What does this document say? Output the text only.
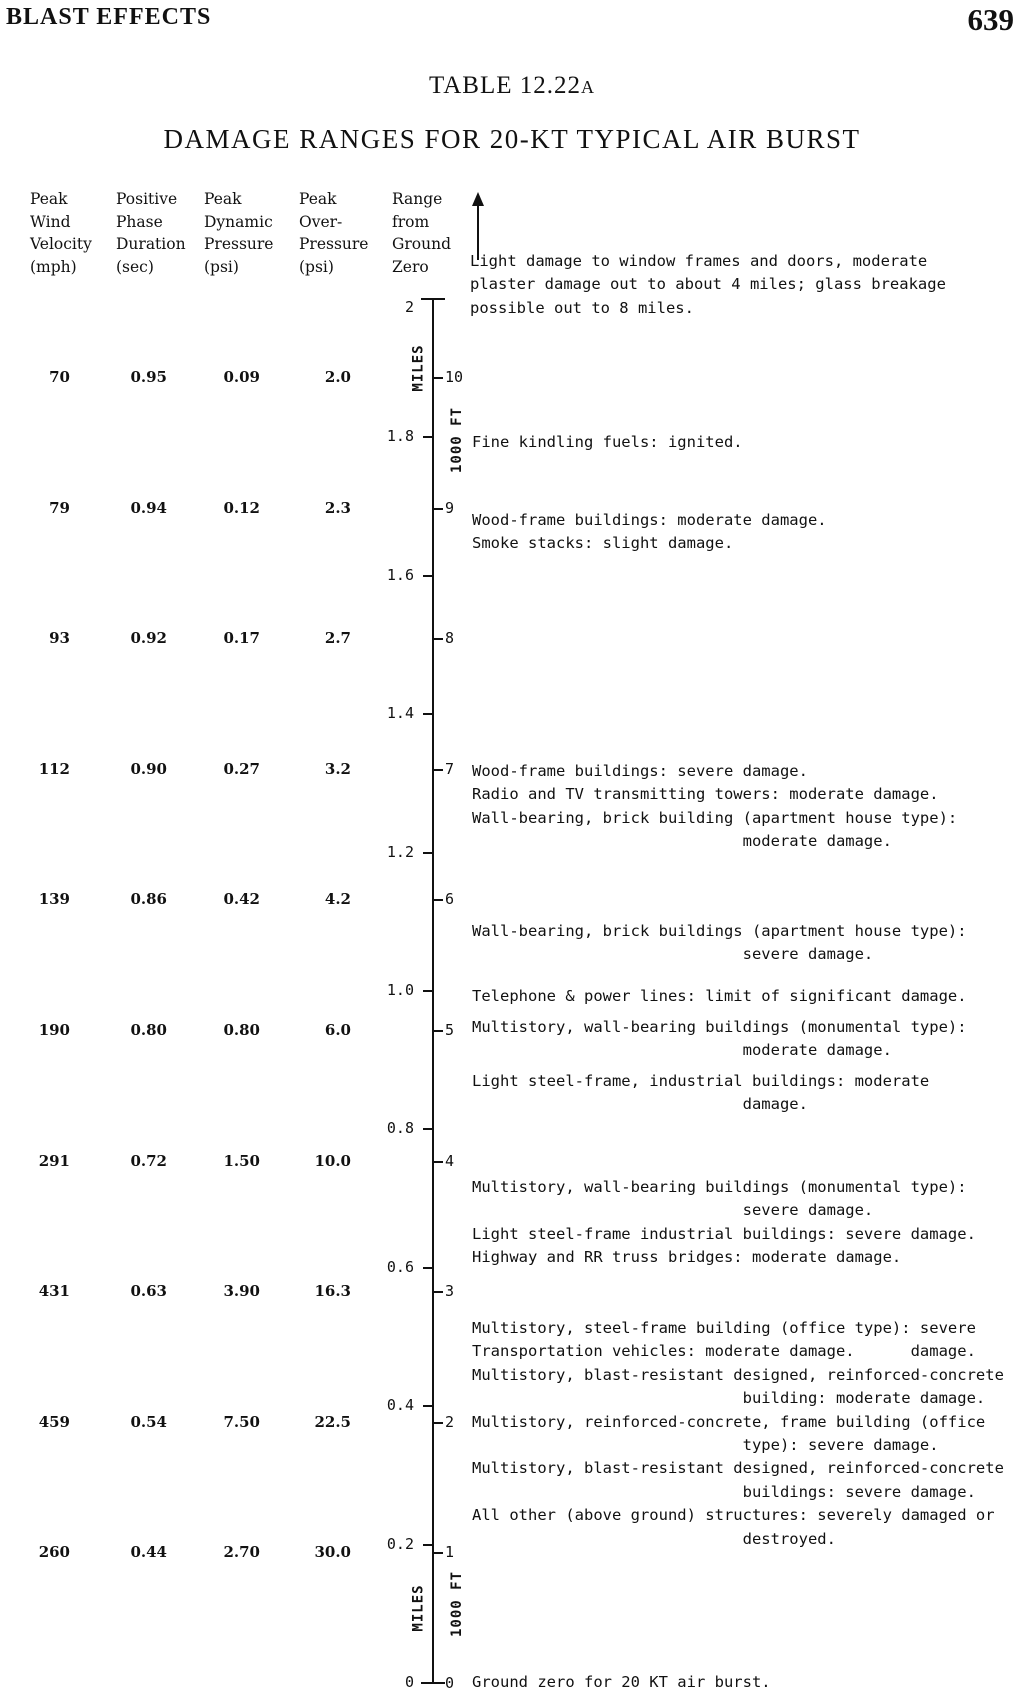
BLAST EFFECTS	639
TABLE 12.22a
DAMAGE RANGES FOR 20-KT TYPICAL AIR BURST
Peak
Wind
Velocity
(mph)
Positive
Phase
Duration
(sec)
Peak
Dynamic
Pressure
(psi)
Peak
Over-
Pressure
(psi)
Range
from
Ground
Zero
MILES
1000 FT
MILES 1000 FT
2
1.8
1.6
1.4
1.2
1.0
0.8
0.6
0.4
0.2
0
10
9
8
7
6
5
4
3
2
1
0
70	0.95	0.09	2.0
79	0.94	0.12	2.3
93	0.92	0.17	2.7
112	0.90	0.27	3.2
139	0.86	0.42	4.2
190	0.80	0.80	6.0
291	0.72	1.50	10.0
431	0.63	3.90	16.3
459	0.54	7.50	22.5
260	0.44	2.70	30.0
Light damage to window frames and doors, moderate
plaster damage out to about 4 miles; glass breakage
possible out to 8 miles.
Fine kindling fuels: ignited.
Wood-frame buildings: moderate damage.
Smoke stacks: slight damage.
Wood-frame buildings: severe damage.
Radio and TV transmitting towers: moderate damage.
Wall-bearing, brick building (apartment house type):
moderate damage.
Wall-bearing, brick buildings (apartment house type):
severe damage.
Telephone & power lines: limit of significant damage.
Multistory, wall-bearing buildings (monumental type):
moderate damage.
Light steel-frame, industrial buildings: moderate
damage.
Multistory, wall-bearing buildings (monumental type):
severe damage.
Light steel-frame industrial buildings: severe damage.
Highway and RR truss bridges: moderate damage.
Multistory, steel-frame building (office type): severe
Transportation vehicles: moderate damage.      damage.
Multistory, blast-resistant designed, reinforced-concrete
building: moderate damage.
Multistory, reinforced-concrete, frame building (office
type): severe damage.
Multistory, blast-resistant designed, reinforced-concrete
buildings: severe damage.
All other (above ground) structures: severely damaged or
destroyed.
Ground zero for 20 KT air burst.
